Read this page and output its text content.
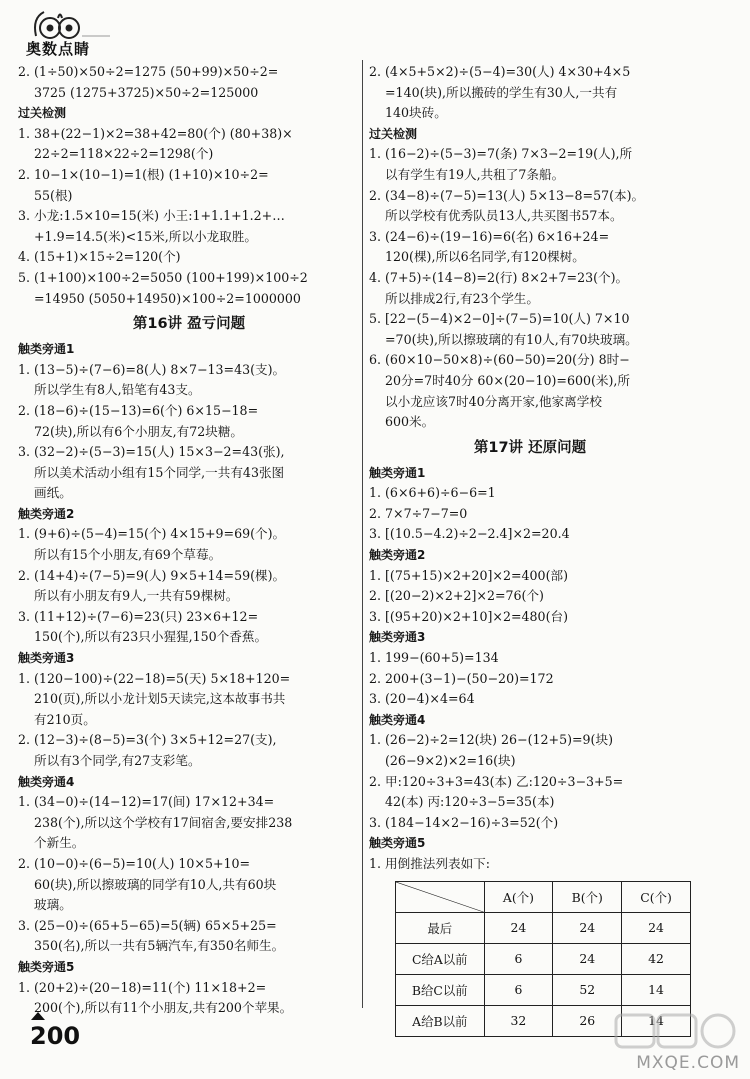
奥数点睛
2. (1÷50)×50÷2=1275 (50+99)×50÷2=
3725 (1275+3725)×50÷2=125000
过关检测
1. 38+(22−1)×2=38+42=80(个) (80+38)×
22÷2=118×22÷2=1298(个)
2. 10−1×(10−1)=1(根) (1+10)×10÷2=
55(根)
3. 小龙:1.5×10=15(米) 小王:1+1.1+1.2+…
+1.9=14.5(米)<15米,所以小龙取胜。
4. (15+1)×15÷2=120(个)
5. (1+100)×100÷2=5050 (100+199)×100÷2
=14950 (5050+14950)×100÷2=1000000
第16讲 盈亏问题
触类旁通1
1. (13−5)÷(7−6)=8(人) 8×7−13=43(支)。
所以学生有8人,铅笔有43支。
2. (18−6)÷(15−13)=6(个) 6×15−18=
72(块),所以有6个小朋友,有72块糖。
3. (32−2)÷(5−3)=15(人) 15×3−2=43(张),
所以美术活动小组有15个同学,一共有43张图
画纸。
触类旁通2
1. (9+6)÷(5−4)=15(个) 4×15+9=69(个)。
所以有15个小朋友,有69个草莓。
2. (14+4)÷(7−5)=9(人) 9×5+14=59(棵)。
所以有小朋友有9人,一共有59棵树。
3. (11+12)÷(7−6)=23(只) 23×6+12=
150(个),所以有23只小猩猩,150个香蕉。
触类旁通3
1. (120−100)÷(22−18)=5(天) 5×18+120=
210(页),所以小龙计划5天读完,这本故事书共
有210页。
2. (12−3)÷(8−5)=3(个) 3×5+12=27(支),
所以有3个同学,有27支彩笔。
触类旁通4
1. (34−0)÷(14−12)=17(间) 17×12+34=
238(个),所以这个学校有17间宿舍,要安排238
个新生。
2. (10−0)÷(6−5)=10(人) 10×5+10=
60(块),所以擦玻璃的同学有10人,共有60块
玻璃。
3. (25−0)÷(65+5−65)=5(辆) 65×5+25=
350(名),所以一共有5辆汽车,有350名师生。
触类旁通5
1. (20+2)÷(20−18)=11(个) 11×18+2=
200(个),所以有11个小朋友,共有200个苹果。
2. (4×5+5×2)÷(5−4)=30(人) 4×30+4×5
=140(块),所以搬砖的学生有30人,一共有
140块砖。
过关检测
1. (16−2)÷(5−3)=7(条) 7×3−2=19(人),所
以有学生有19人,共租了7条船。
2. (34−8)÷(7−5)=13(人) 5×13−8=57(本)。
所以学校有优秀队员13人,共买图书57本。
3. (24−6)÷(19−16)=6(名) 6×16+24=
120(棵),所以6名同学,有120棵树。
4. (7+5)÷(14−8)=2(行) 8×2+7=23(个)。
所以排成2行,有23个学生。
5. [22−(5−4)×2−0]÷(7−5)=10(人) 7×10
=70(块),所以擦玻璃的有10人,有70块玻璃。
6. (60×10−50×8)÷(60−50)=20(分) 8时−
20分=7时40分 60×(20−10)=600(米),所
以小龙应该7时40分离开家,他家离学校
600米。
第17讲 还原问题
触类旁通1
1. (6×6+6)÷6−6=1
2. 7×7÷7−7=0
3. [(10.5−4.2)÷2−2.4]×2=20.4
触类旁通2
1. [(75+15)×2+20]×2=400(部)
2. [(20−2)×2+2]×2=76(个)
3. [(95+20)×2+10]×2=480(台)
触类旁通3
1. 199−(60+5)=134
2. 200+(3−1)−(50−20)=172
3. (20−4)×4=64
触类旁通4
1. (26−2)÷2=12(块) 26−(12+5)=9(块)
(26−9×2)×2=16(块)
2. 甲:120÷3+3=43(本) 乙:120÷3−3+5=
42(本) 丙:120÷3−5=35(本)
3. (184−14×2−16)÷3=52(个)
触类旁通5
1. 用倒推法列表如下:
	A(个)	B(个)	C(个)
最后	24	24	24
C给A以前	6	24	42
B给C以前	6	52	14
A给B以前	32	26	14
200
MXQE.COM
